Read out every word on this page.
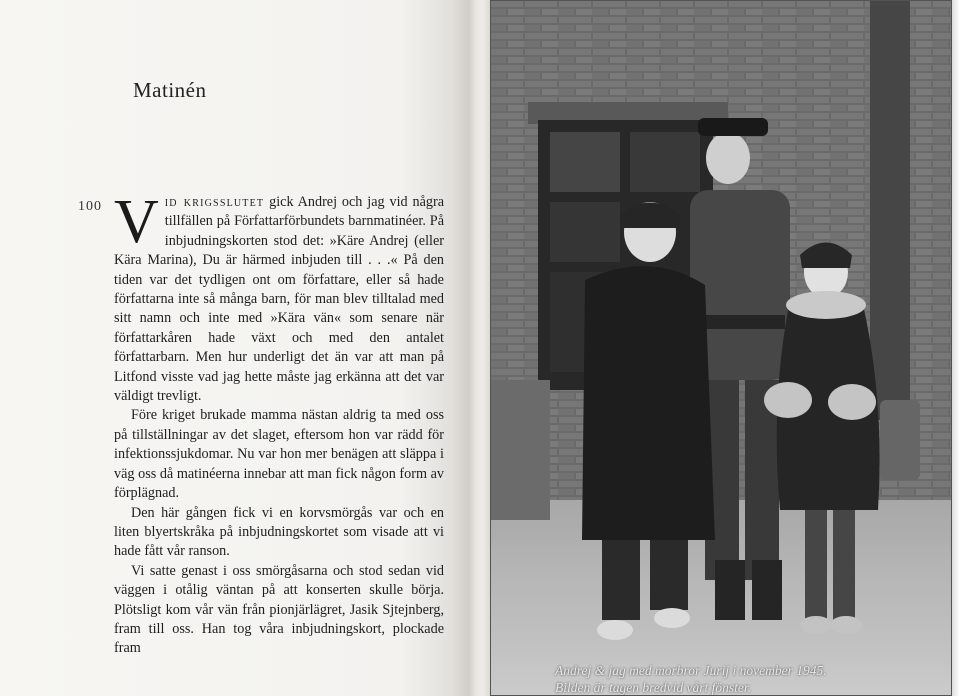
Matinén
100 Vid krigsslutet gick Andrej och jag vid några tillfällen på Författarförbundets barnmatinéer. På inbjudningskorten stod det: »Käre Andrej (eller Kära Marina), Du är härmed inbjuden till . . .« På den tiden var det tydligen ont om författare, eller så hade författarna inte så många barn, för man blev tilltalad med sitt namn och inte med »Kära vän« som senare när författarkåren hade växt och med den antalet författarbarn. Men hur underligt det än var att man på Litfond visste vad jag hette måste jag erkänna att det var väldigt trevligt.

Före kriget brukade mamma nästan aldrig ta med oss på tillställningar av det slaget, eftersom hon var rädd för infektionssjukdomar. Nu var hon mer benägen att släppa i väg oss då matinéerna innebar att man fick någon form av förplägnad.

Den här gången fick vi en korvsmörgås var och en liten blyertskråka på inbjudningskortet som visade att vi hade fått vår ranson.

Vi satte genast i oss smörgåsarna och stod sedan vid väggen i otålig väntan på att konserten skulle börja. Plötsligt kom vår vän från pionjärlägret, Jasik Sjtejnberg, fram till oss. Han tog våra inbjudningskort, plockade fram

Andrej & jag med morbror Jurij i november 1945.
Bilden är tagen bredvid vårt fönster.
